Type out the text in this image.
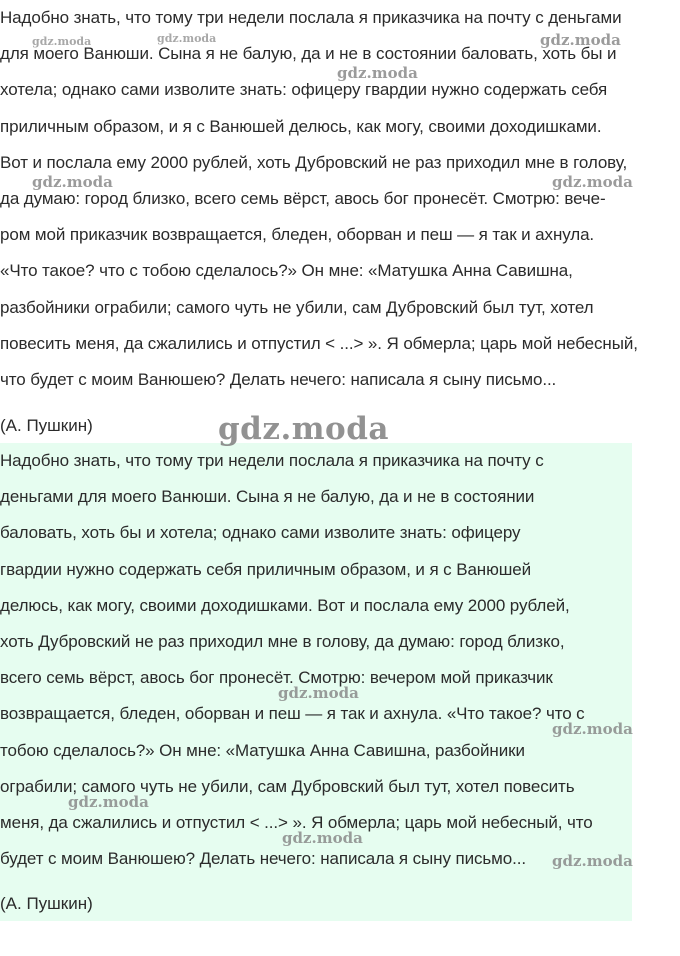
Надобно знать, что тому три недели послала я приказчика на почту с деньгами
для моего Ванюши. Сына я не балую, да и не в состоянии баловать, хоть бы и
хотела; однако сами изволите знать: офицеру гвардии нужно содержать себя
приличным образом, и я с Ванюшей делюсь, как могу, своими доходишками.
Вот и послала ему 2000 рублей, хоть Дубровский не раз приходил мне в голову,
да думаю: город близко, всего семь вёрст, авось бог пронесёт. Смотрю: вече-
ром мой приказчик возвращается, бледен, оборван и пеш — я так и ахнула.
«Что такое? что с тобою сделалось?» Он мне: «Матушка Анна Савишна,
разбойники ограбили; самого чуть не убили, сам Дубровский был тут, хотел
повесить меня, да сжалились и отпустил < ...> ». Я обмерла; царь мой небесный,
что будет с моим Ванюшею? Делать нечего: написала я сыну письмо...
(А. Пушкин)
Надобно знать, что тому три недели послала я приказчика на почту с
деньгами для моего Ванюши. Сына я не балую, да и не в состоянии
баловать, хоть бы и хотела; однако сами изволите знать: офицеру
гвардии нужно содержать себя приличным образом, и я с Ванюшей
делюсь, как могу, своими доходишками. Вот и послала ему 2000 рублей,
хоть Дубровский не раз приходил мне в голову, да думаю: город близко,
всего семь вёрст, авось бог пронесёт. Смотрю: вечером мой приказчик
возвращается, бледен, оборван и пеш — я так и ахнула. «Что такое? что с
тобою сделалось?» Он мне: «Матушка Анна Савишна, разбойники
ограбили; самого чуть не убили, сам Дубровский был тут, хотел повесить
меня, да сжалились и отпустил < ...> ». Я обмерла; царь мой небесный, что
будет с моим Ванюшею? Делать нечего: написала я сыну письмо...
(А. Пушкин)
gdz.moda	gdz.moda	gdz.moda
gdz.moda
gdz.moda	gdz.moda
gdz.moda
gdz.moda
gdz.moda
gdz.moda
gdz.moda
gdz.moda
